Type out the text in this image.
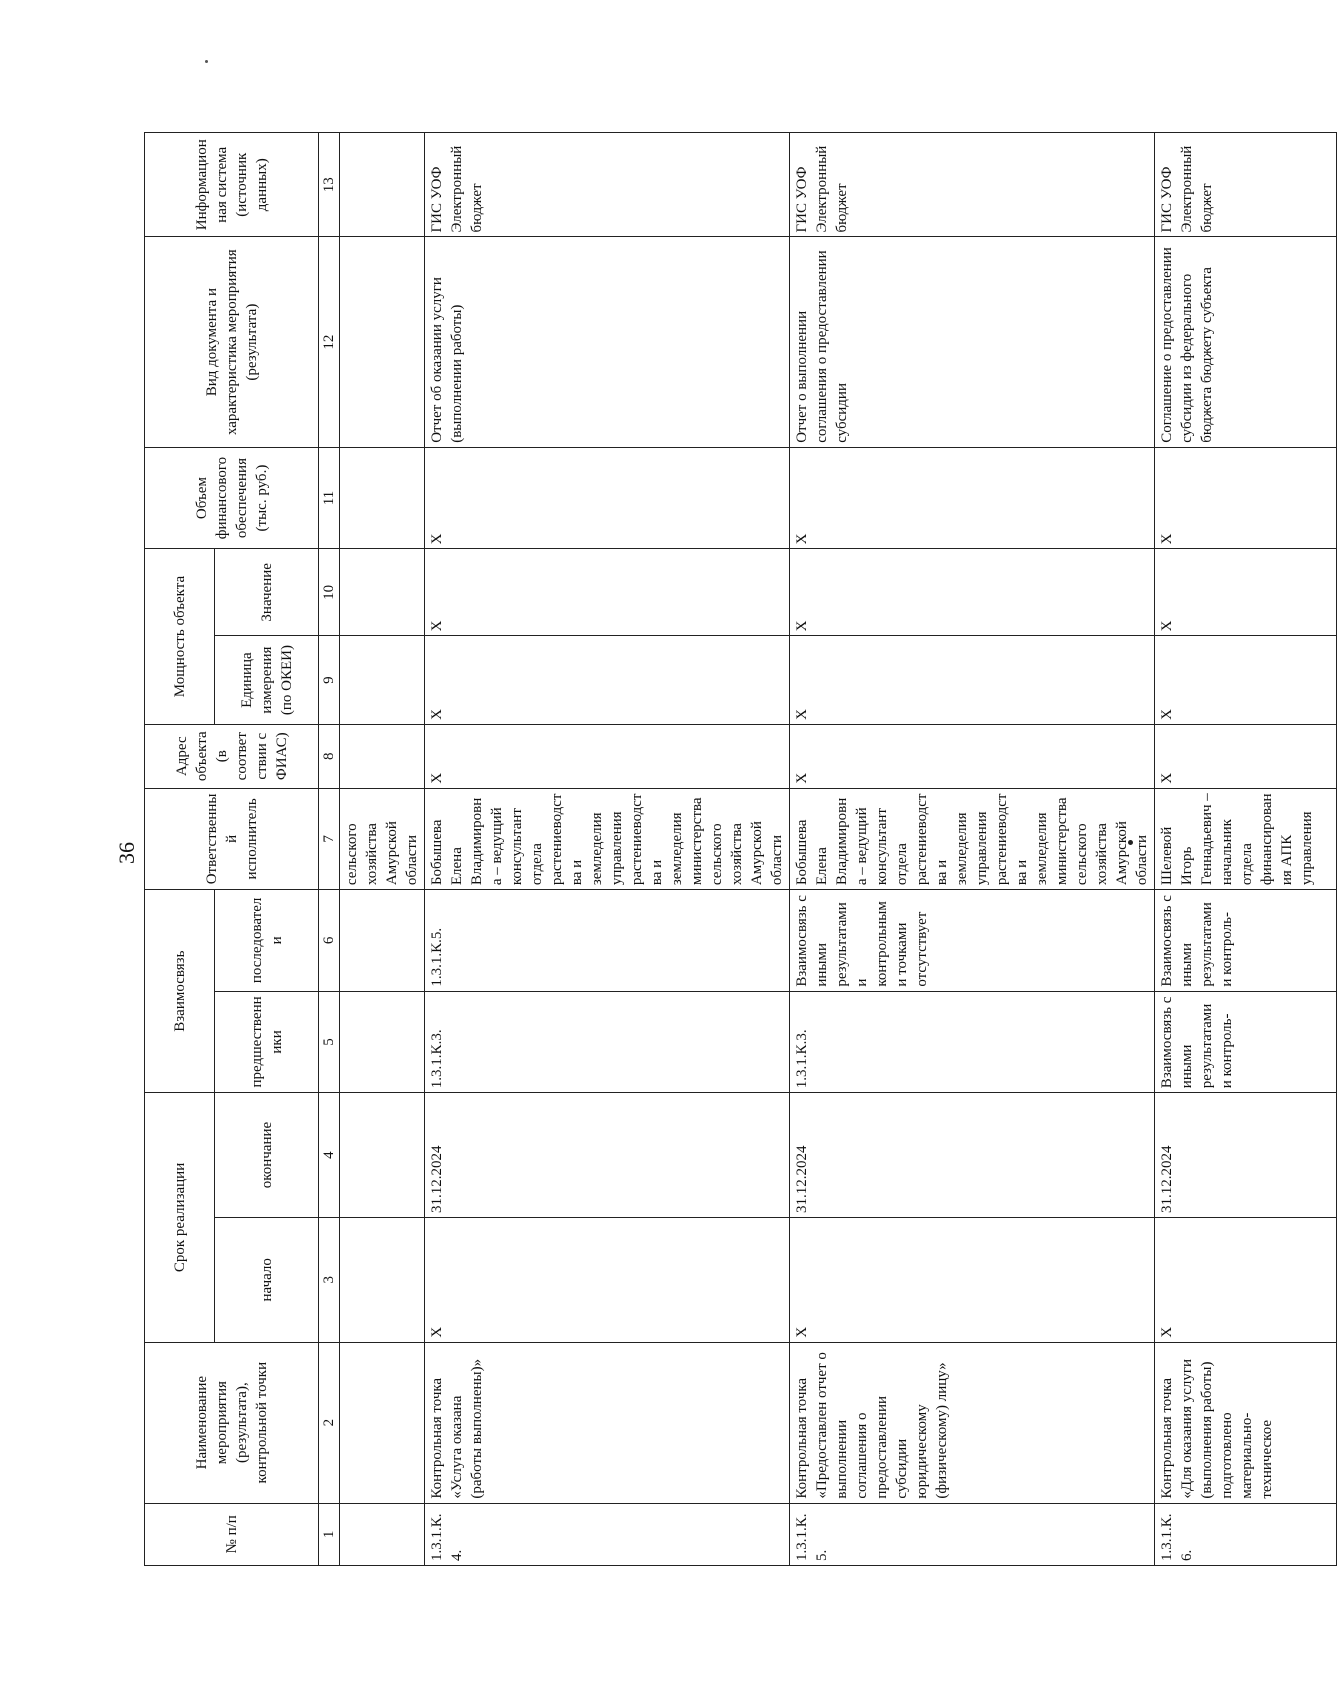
36
№ п/п	Наименование мероприятия (результата), контрольной точки	Срок реализации		Взаимосвязь		Ответственный исполнитель	Адрес объекта (в соответствии с ФИАС)	Мощность объекта		Объем финансового обеспечения (тыс. руб.)	Вид документа и характеристика мероприятия (результата)	Информационная система (источник данных)
		начало	окончание	предшественники	последователи			Единица измерения (по ОКЕИ)	Значение			
1	2	3	4	5	6	7	8	9	10	11	12	13
						сельского хозяйства Амурской области						
1.3.1.К.4.	Контрольная точка «Услуга оказана (работы выполнены)»	X	31.12.2024	1.3.1.К.3.	1.3.1.К.5.	Бобышева Елена Владимировна – ведущий консультант отдела растениеводства и земледелия управления растениеводства и земледелия министерства сельского хозяйства Амурской области	X	X	X	X	Отчет об оказании услуги (выполнении работы)	ГИС УОФ Электронный бюджет
1.3.1.К.5.	Контрольная точка «Предоставлен отчет о выполнении соглашения о предоставлении субсидии юридическому (физическому) лицу»	X	31.12.2024	1.3.1.К.3.	Взаимосвязь с иными результатами и контрольными точками отсутствует	Бобышева Елена Владимировна – ведущий консультант отдела растениеводства и земледелия управления растениеводства и земледелия министерства сельского хозяйства Амурской области	X	X	X	X	Отчет о выполнении соглашения о предоставлении субсидии	ГИС УОФ Электронный бюджет
1.3.1.К.6.	Контрольная точка «Для оказания услуги (выполнения работы) подготовлено материально-техническое	X	31.12.2024	Взаимосвязь с иными результатами и контроль-	Взаимосвязь с иными результатами и контроль-	Шелевой Игорь Геннадьевич – начальник отдела финансирования АПК управления	X	X	X	X	Соглашение о предоставлении субсидии из федерального бюджета бюджету субъекта	ГИС УОФ Электронный бюджет
